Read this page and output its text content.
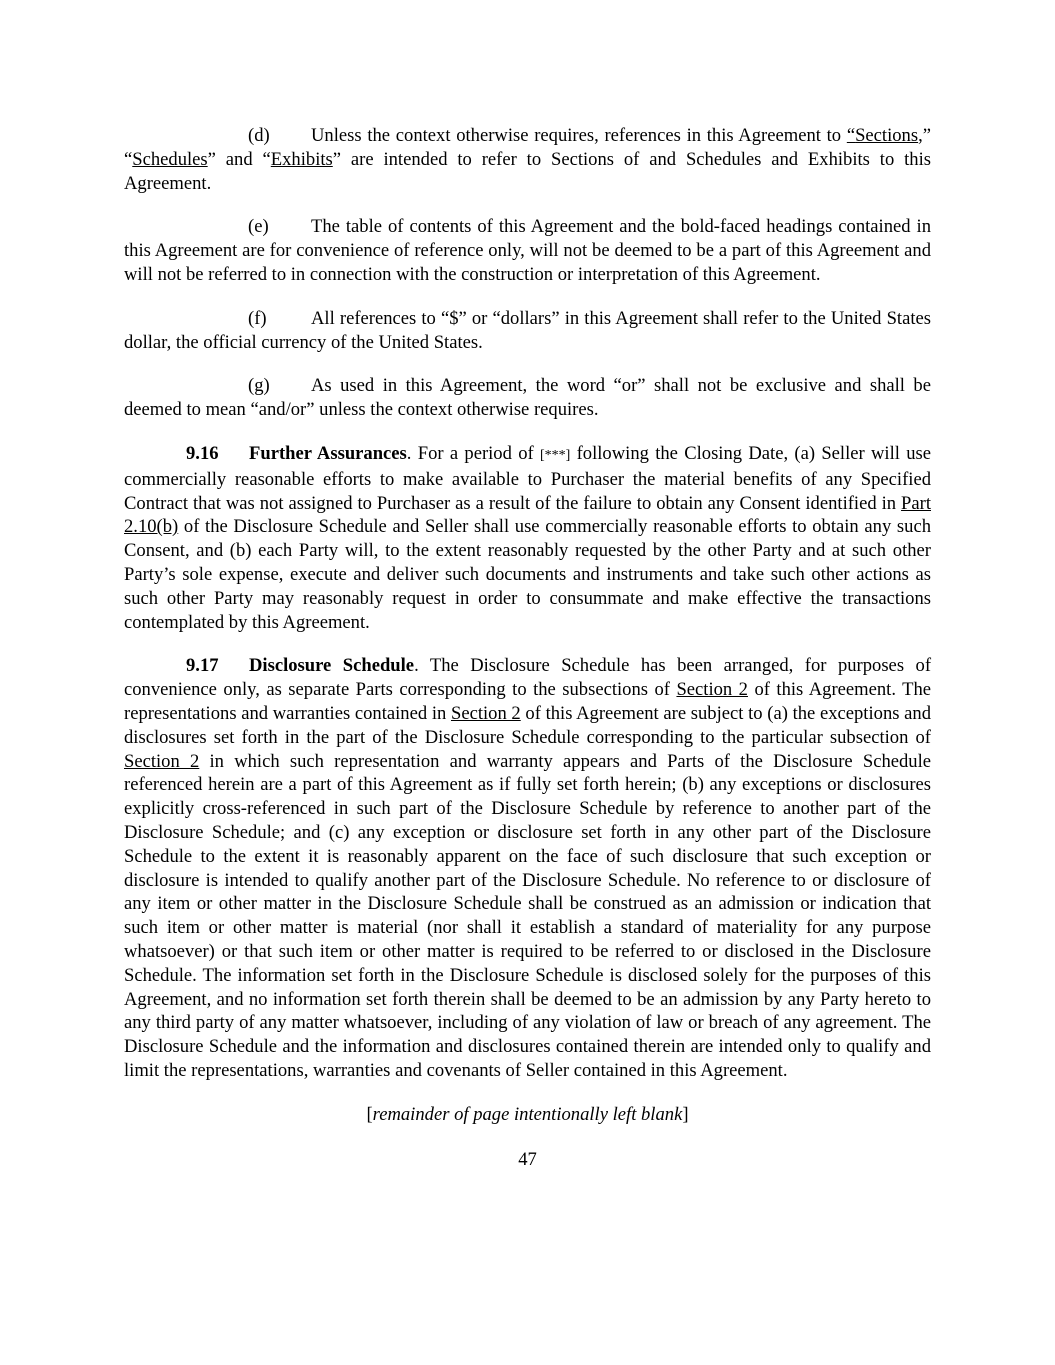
(d) Unless the context otherwise requires, references in this Agreement to “Sections,” “Schedules” and “Exhibits” are intended to refer to Sections of and Schedules and Exhibits to this Agreement.

(e) The table of contents of this Agreement and the bold-faced headings contained in this Agreement are for convenience of reference only, will not be deemed to be a part of this Agreement and will not be referred to in connection with the construction or interpretation of this Agreement.

(f) All references to “$” or “dollars” in this Agreement shall refer to the United States dollar, the official currency of the United States.

(g) As used in this Agreement, the word “or” shall not be exclusive and shall be deemed to mean “and/or” unless the context otherwise requires.

9.16 Further Assurances. For a period of [***] following the Closing Date, (a) Seller will use commercially reasonable efforts to make available to Purchaser the material benefits of any Specified Contract that was not assigned to Purchaser as a result of the failure to obtain any Consent identified in Part 2.10(b) of the Disclosure Schedule and Seller shall use commercially reasonable efforts to obtain any such Consent, and (b) each Party will, to the extent reasonably requested by the other Party and at such other Party’s sole expense, execute and deliver such documents and instruments and take such other actions as such other Party may reasonably request in order to consummate and make effective the transactions contemplated by this Agreement.

9.17 Disclosure Schedule. The Disclosure Schedule has been arranged, for purposes of convenience only, as separate Parts corresponding to the subsections of Section 2 of this Agreement. The representations and warranties contained in Section 2 of this Agreement are subject to (a) the exceptions and disclosures set forth in the part of the Disclosure Schedule corresponding to the particular subsection of Section 2 in which such representation and warranty appears and Parts of the Disclosure Schedule referenced herein are a part of this Agreement as if fully set forth herein; (b) any exceptions or disclosures explicitly cross-referenced in such part of the Disclosure Schedule by reference to another part of the Disclosure Schedule; and (c) any exception or disclosure set forth in any other part of the Disclosure Schedule to the extent it is reasonably apparent on the face of such disclosure that such exception or disclosure is intended to qualify another part of the Disclosure Schedule. No reference to or disclosure of any item or other matter in the Disclosure Schedule shall be construed as an admission or indication that such item or other matter is material (nor shall it establish a standard of materiality for any purpose whatsoever) or that such item or other matter is required to be referred to or disclosed in the Disclosure Schedule. The information set forth in the Disclosure Schedule is disclosed solely for the purposes of this Agreement, and no information set forth therein shall be deemed to be an admission by any Party hereto to any third party of any matter whatsoever, including of any violation of law or breach of any agreement. The Disclosure Schedule and the information and disclosures contained therein are intended only to qualify and limit the representations, warranties and covenants of Seller contained in this Agreement.

[remainder of page intentionally left blank]

47
